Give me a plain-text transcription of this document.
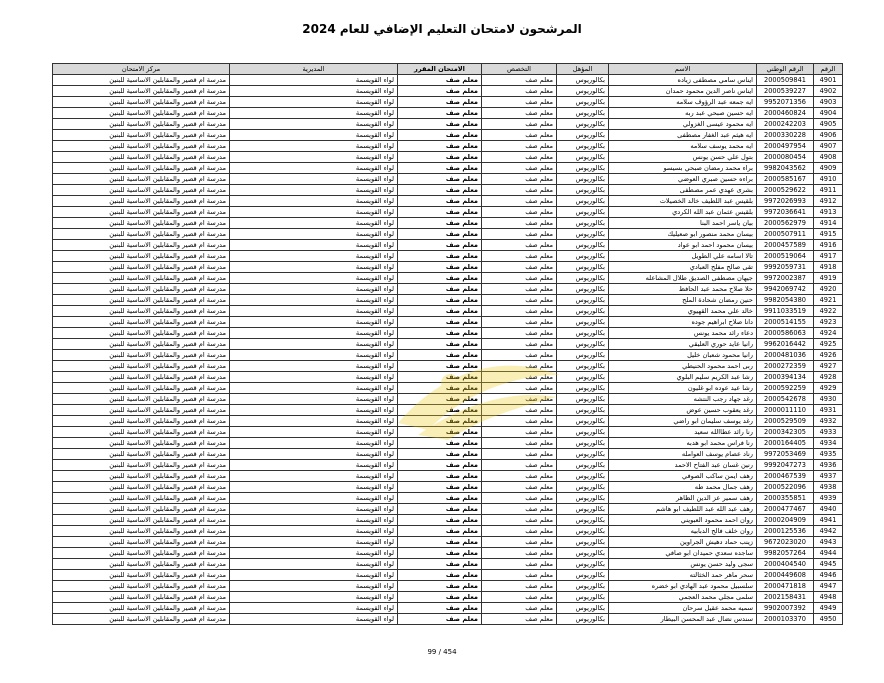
المرشحون لامتحان التعليم الإضافي للعام 2024
الرقم	الرقم الوطني	الاسم	المؤهل	التخصص	الامتحان المقرر	المديرية	مركز الامتحان
4901	2000509841	ايناس سامي مصطفى زياده	بكالوريوس	معلم صف	معلم صف	لواء القويسمة	مدرسة ام قصير والمقابلين الاساسية للبنين
4902	2000539227	ايناس ناصر الدين محمود حمدان	بكالوريوس	معلم صف	معلم صف	لواء القويسمة	مدرسة ام قصير والمقابلين الاساسية للبنين
4903	9952071356	ايه جمعه عبد الرؤوف سلامه	بكالوريوس	معلم صف	معلم صف	لواء القويسمة	مدرسة ام قصير والمقابلين الاساسية للبنين
4904	2000460824	ايه حسين صبحي عبد ربه	بكالوريوس	معلم صف	معلم صف	لواء القويسمة	مدرسة ام قصير والمقابلين الاساسية للبنين
4905	2000242203	ايه محمود عيسى الغزولي	بكالوريوس	معلم صف	معلم صف	لواء القويسمة	مدرسة ام قصير والمقابلين الاساسية للبنين
4906	2000330228	ايه هيثم عبد الغفار مصطفى	بكالوريوس	معلم صف	معلم صف	لواء القويسمة	مدرسة ام قصير والمقابلين الاساسية للبنين
4907	2000497954	ايه محمد يوسف سلامه	بكالوريوس	معلم صف	معلم صف	لواء القويسمة	مدرسة ام قصير والمقابلين الاساسية للبنين
4908	2000080454	بتول علي حسن يونس	بكالوريوس	معلم صف	معلم صف	لواء القويسمة	مدرسة ام قصير والمقابلين الاساسية للبنين
4909	9982043562	براء محمد رمضان صبحي بسيسو	بكالوريوس	معلم صف	معلم صف	لواء القويسمة	مدرسة ام قصير والمقابلين الاساسية للبنين
4910	2000585167	براءه حسين صبري العوضي	بكالوريوس	معلم صف	معلم صف	لواء القويسمة	مدرسة ام قصير والمقابلين الاساسية للبنين
4911	2000529622	بشرى عهدي عمر مصطفى	بكالوريوس	معلم صف	معلم صف	لواء القويسمة	مدرسة ام قصير والمقابلين الاساسية للبنين
4912	9972026993	بلقيس عبد اللطيف خالد الخصيلات	بكالوريوس	معلم صف	معلم صف	لواء القويسمة	مدرسة ام قصير والمقابلين الاساسية للبنين
4913	9972036641	بلقيس عثمان عبد الله الكردي	بكالوريوس	معلم صف	معلم صف	لواء القويسمة	مدرسة ام قصير والمقابلين الاساسية للبنين
4914	2000562979	بيان ياسر احمد البنا	بكالوريوس	معلم صف	معلم صف	لواء القويسمة	مدرسة ام قصير والمقابلين الاساسية للبنين
4915	2000507911	بيسان محمد منصور ابو صعيليك	بكالوريوس	معلم صف	معلم صف	لواء القويسمة	مدرسة ام قصير والمقابلين الاساسية للبنين
4916	2000457589	بيسان محمود احمد ابو عواد	بكالوريوس	معلم صف	معلم صف	لواء القويسمة	مدرسة ام قصير والمقابلين الاساسية للبنين
4917	2000519064	تالا اسامه علي الطويل	بكالوريوس	معلم صف	معلم صف	لواء القويسمة	مدرسة ام قصير والمقابلين الاساسية للبنين
4918	9992059731	تقى صالح مفلح العبادي	بكالوريوس	معلم صف	معلم صف	لواء القويسمة	مدرسة ام قصير والمقابلين الاساسية للبنين
4919	9972002387	جيهان مصطفى الصديق طلال المشاعله	بكالوريوس	معلم صف	معلم صف	لواء القويسمة	مدرسة ام قصير والمقابلين الاساسية للبنين
4920	9942069742	حلا صلاح محمد عبد الحافظ	بكالوريوس	معلم صف	معلم صف	لواء القويسمة	مدرسة ام قصير والمقابلين الاساسية للبنين
4921	9982054380	حنين رمضان شحادة الملح	بكالوريوس	معلم صف	معلم صف	لواء القويسمة	مدرسة ام قصير والمقابلين الاساسية للبنين
4922	9911033519	خالد علي محمد القهيوي	بكالوريوس	معلم صف	معلم صف	لواء القويسمة	مدرسة ام قصير والمقابلين الاساسية للبنين
4923	2000514155	دانا صلاح ابراهيم جوده	بكالوريوس	معلم صف	معلم صف	لواء القويسمة	مدرسة ام قصير والمقابلين الاساسية للبنين
4924	2000586063	دعاء رائد محمد يونس	بكالوريوس	معلم صف	معلم صف	لواء القويسمة	مدرسة ام قصير والمقابلين الاساسية للبنين
4925	9962016442	رانيا عايد حوري العليقي	بكالوريوس	معلم صف	معلم صف	لواء القويسمة	مدرسة ام قصير والمقابلين الاساسية للبنين
4926	2000481036	رانيا محمود شعبان خليل	بكالوريوس	معلم صف	معلم صف	لواء القويسمة	مدرسة ام قصير والمقابلين الاساسية للبنين
4927	2000272359	ربى احمد محمود الحنيطي	بكالوريوس	معلم صف	معلم صف	لواء القويسمة	مدرسة ام قصير والمقابلين الاساسية للبنين
4928	2000394134	رشا عبد الكريم سليم البلوي	بكالوريوس	معلم صف	معلم صف	لواء القويسمة	مدرسة ام قصير والمقابلين الاساسية للبنين
4929	2000592259	رشا عيد عوده ابو غليون	بكالوريوس	معلم صف	معلم صف	لواء القويسمة	مدرسة ام قصير والمقابلين الاساسية للبنين
4930	2000542678	رغد جهاد رجب النتشه	بكالوريوس	معلم صف	معلم صف	لواء القويسمة	مدرسة ام قصير والمقابلين الاساسية للبنين
4931	2000011110	رغد يعقوب حسين عوض	بكالوريوس	معلم صف	معلم صف	لواء القويسمة	مدرسة ام قصير والمقابلين الاساسية للبنين
4932	2000529509	رغد يوسف سليمان ابو راضي	بكالوريوس	معلم صف	معلم صف	لواء القويسمة	مدرسة ام قصير والمقابلين الاساسية للبنين
4933	2000342305	رنا رائد عطاالله سعيد	بكالوريوس	معلم صف	معلم صف	لواء القويسمة	مدرسة ام قصير والمقابلين الاساسية للبنين
4934	2000164405	رنا فراس محمد ابو هدبه	بكالوريوس	معلم صف	معلم صف	لواء القويسمة	مدرسة ام قصير والمقابلين الاساسية للبنين
4935	9972053469	رناد عصام يوسف العوامله	بكالوريوس	معلم صف	معلم صف	لواء القويسمة	مدرسة ام قصير والمقابلين الاساسية للبنين
4936	9992047273	رنين غسان عبد الفتاح الاحمد	بكالوريوس	معلم صف	معلم صف	لواء القويسمة	مدرسة ام قصير والمقابلين الاساسية للبنين
4937	2000467539	رهف ايمن ساكب الصوفي	بكالوريوس	معلم صف	معلم صف	لواء القويسمة	مدرسة ام قصير والمقابلين الاساسية للبنين
4938	2000522096	رهف جمال محمد طه	بكالوريوس	معلم صف	معلم صف	لواء القويسمة	مدرسة ام قصير والمقابلين الاساسية للبنين
4939	2000355851	رهف سمير عز الدين الظاهر	بكالوريوس	معلم صف	معلم صف	لواء القويسمة	مدرسة ام قصير والمقابلين الاساسية للبنين
4940	2000477467	رهف عبد الله عبد اللطيف ابو هاشم	بكالوريوس	معلم صف	معلم صف	لواء القويسمة	مدرسة ام قصير والمقابلين الاساسية للبنين
4941	2000204909	روان احمد محمود العبويني	بكالوريوس	معلم صف	معلم صف	لواء القويسمة	مدرسة ام قصير والمقابلين الاساسية للبنين
4942	2000125536	روان خلف فالح الدبابيه	بكالوريوس	معلم صف	معلم صف	لواء القويسمة	مدرسة ام قصير والمقابلين الاساسية للبنين
4943	9672023020	زينب حماد دهيش الجراوين	بكالوريوس	معلم صف	معلم صف	لواء القويسمة	مدرسة ام قصير والمقابلين الاساسية للبنين
4944	9982057264	ساجده سعدي حميدان ابو صافي	بكالوريوس	معلم صف	معلم صف	لواء القويسمة	مدرسة ام قصير والمقابلين الاساسية للبنين
4945	2000404540	سجى وليد حسن يونس	بكالوريوس	معلم صف	معلم صف	لواء القويسمة	مدرسة ام قصير والمقابلين الاساسية للبنين
4946	2000449608	سحر ماهر حمد الخثالته	بكالوريوس	معلم صف	معلم صف	لواء القويسمة	مدرسة ام قصير والمقابلين الاساسية للبنين
4947	2000471818	سلسبيل محمود عبد الهادي ابو خضره	بكالوريوس	معلم صف	معلم صف	لواء القويسمة	مدرسة ام قصير والمقابلين الاساسية للبنين
4948	2002158431	سلمى مجلي محمد العجمي	بكالوريوس	معلم صف	معلم صف	لواء القويسمة	مدرسة ام قصير والمقابلين الاساسية للبنين
4949	9902007392	سميه محمد عقيل سرحان	بكالوريوس	معلم صف	معلم صف	لواء القويسمة	مدرسة ام قصير والمقابلين الاساسية للبنين
4950	2000103370	سندس نضال عبد المحسن البيطار	بكالوريوس	معلم صف	معلم صف	لواء القويسمة	مدرسة ام قصير والمقابلين الاساسية للبنين
99 / 454
